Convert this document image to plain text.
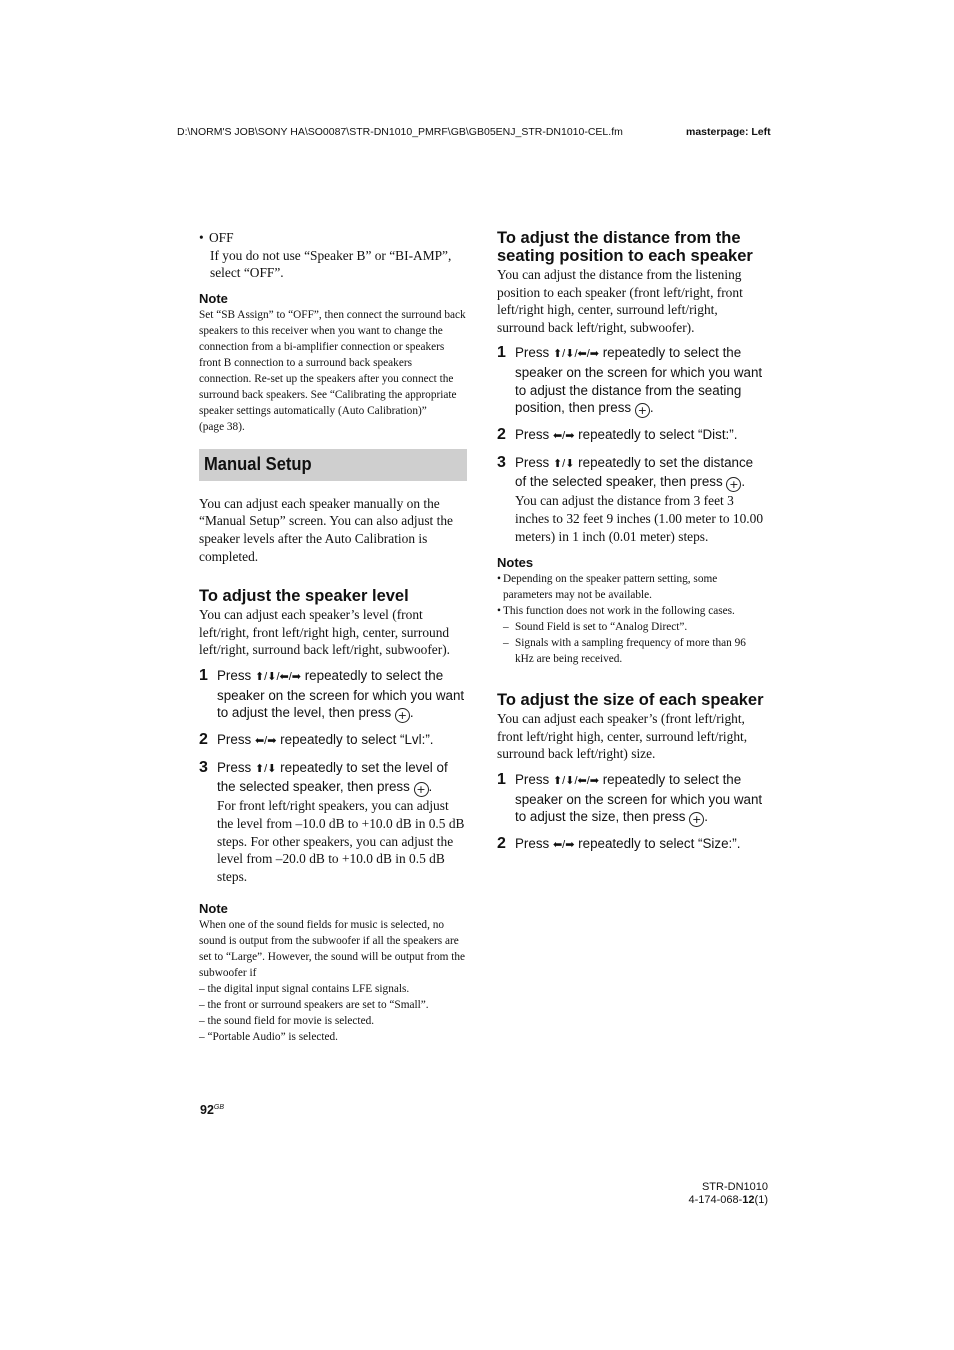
D:\NORM'S JOB\SONY HA\SO0087\STR-DN1010_PMRF\GB\GB05ENJ_STR-DN1010-CEL.fm	masterpage: Left
• OFF
If you do not use “Speaker B” or “BI-AMP”, select “OFF”.
Note
Set “SB Assign” to “OFF”, then connect the surround back speakers to this receiver when you want to change the connection from a bi-amplifier connection or speakers front B connection to a surround back speakers connection. Re-set up the speakers after you connect the surround back speakers. See “Calibrating the appropriate speaker settings automatically (Auto Calibration)”
(page 38).
Manual Setup
You can adjust each speaker manually on the “Manual Setup” screen. You can also adjust the speaker levels after the Auto Calibration is completed.
To adjust the speaker level
You can adjust each speaker’s level (front left/right, front left/right high, center, surround left/right, surround back left/right, subwoofer).
1 Press ⬆/⬇/⬅/➡ repeatedly to select the speaker on the screen for which you want to adjust the level, then press + .
2 Press ⬅/➡ repeatedly to select “Lvl:”.
3 Press ⬆/⬇ repeatedly to set the level of the selected speaker, then press + .
For front left/right speakers, you can adjust the level from –10.0 dB to +10.0 dB in 0.5 dB steps. For other speakers, you can adjust the level from –20.0 dB to +10.0 dB in 0.5 dB steps.
Note
When one of the sound fields for music is selected, no sound is output from the subwoofer if all the speakers are set to “Large”. However, the sound will be output from the subwoofer if
– the digital input signal contains LFE signals.
– the front or surround speakers are set to “Small”.
– the sound field for movie is selected.
– “Portable Audio” is selected.
To adjust the distance from the seating position to each speaker
You can adjust the distance from the listening position to each speaker (front left/right, front left/right high, center, surround left/right, surround back left/right, subwoofer).
1 Press ⬆/⬇/⬅/➡ repeatedly to select the speaker on the screen for which you want to adjust the distance from the seating position, then press + .
2 Press ⬅/➡ repeatedly to select “Dist:”.
3 Press ⬆/⬇ repeatedly to set the distance of the selected speaker, then press + .
You can adjust the distance from 3 feet 3 inches to 32 feet 9 inches (1.00 meter to 10.00 meters) in 1 inch (0.01 meter) steps.
Notes
• Depending on the speaker pattern setting, some parameters may not be available.
• This function does not work in the following cases.
– Sound Field is set to “Analog Direct”.
– Signals with a sampling frequency of more than 96 kHz are being received.
To adjust the size of each speaker
You can adjust each speaker’s (front left/right, front left/right high, center, surround left/right, surround back left/right) size.
1 Press ⬆/⬇/⬅/➡ repeatedly to select the speaker on the screen for which you want to adjust the size, then press + .
2 Press ⬅/➡ repeatedly to select “Size:”.
$92^{GB}$
STR-DN1010
4-174-068-12(1)
